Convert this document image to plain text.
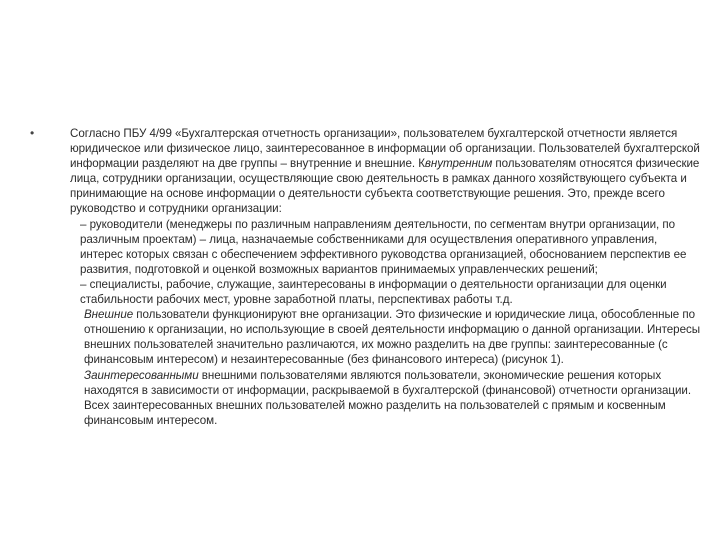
•	Согласно ПБУ 4/99 «Бухгалтерская отчетность организации», пользователем бухгалтерской отчетности является юридическое или физическое лицо, заинтересованное в информации об организации. Пользователей бухгалтерской информации разделяют на две группы – внутренние и внешние. Квнутренним пользователям относятся физические лица, сотрудники организации, осуществляющие свою деятельность в рамках данного хозяйствующего субъекта и принимающие на основе информации о деятельности субъекта соответствующие решения. Это, прежде всего руководство и сотрудники организации:

– руководители (менеджеры по различным направлениям деятельности, по сегментам внутри организации, по различным проектам) – лица, назначаемые собственниками для осуществления оперативного управления, интерес которых связан с обеспечением эффективного руководства организацией, обоснованием перспектив ее развития, подготовкой и оценкой возможных вариантов принимаемых управленческих решений;

– специалисты, рабочие, служащие, заинтересованы в информации о деятельности организации для оценки стабильности рабочих мест, уровне заработной платы, перспективах работы т.д.

Внешние пользователи функционируют вне организации. Это физические и юридические лица, обособленные по отношению к организации, но использующие в своей деятельности информацию о данной организации. Интересы внешних пользователей значительно различаются, их можно разделить на две группы: заинтересованные (с финансовым интересом) и незаинтересованные (без финансового интереса) (рисунок 1).

Заинтересованными внешними пользователями являются пользователи, экономические решения которых находятся в зависимости от информации, раскрываемой в бухгалтерской (финансовой) отчетности организации. Всех заинтересованных внешних пользователей можно разделить на пользователей с прямым и косвенным финансовым интересом.
